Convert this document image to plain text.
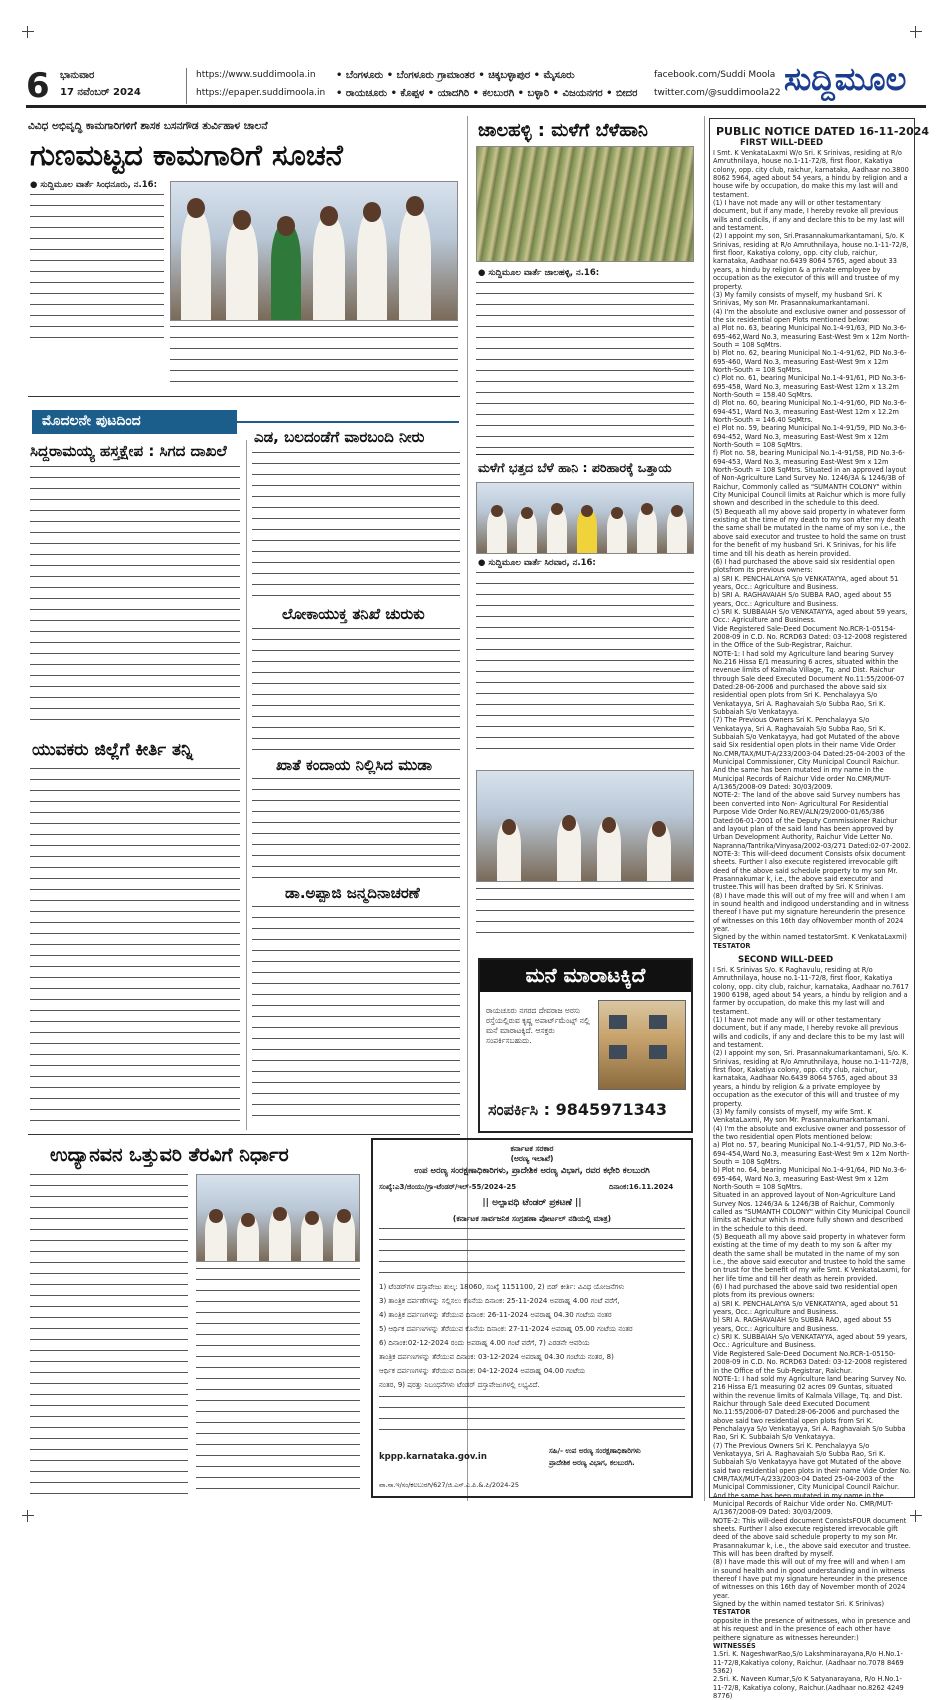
6 ಭಾನುವಾರ
17 ನವೆಂಬರ್ 2024
https://www.suddimoola.in
https://epaper.suddimoola.in
• ಬೆಂಗಳೂರು • ಬೆಂಗಳೂರು ಗ್ರಾಮಾಂತರ • ಚಿಕ್ಕಬಳ್ಳಾಪುರ • ಮೈಸೂರು
• ರಾಯಚೂರು • ಕೊಪ್ಪಳ • ಯಾದಗಿರಿ • ಕಲಬುರಗಿ • ಬಳ್ಳಾರಿ • ವಿಜಯನಗರ • ಬೀದರ
facebook.com/Suddi Moola
twitter.com/@suddimoola22 ಸುದ್ದಿಮೂಲ
ವಿವಿಧ ಅಭಿವೃದ್ಧಿ ಕಾಮಗಾರಿಗಳಿಗೆ ಶಾಸಕ ಬಸನಗೌಡ ತುರ್ವಿಹಾಳ ಚಾಲನೆ
ಗುಣಮಟ್ಟದ ಕಾಮಗಾರಿಗೆ ಸೂಚನೆ
● ಸುದ್ದಿಮೂಲ ವಾರ್ತೆ ಸಿಂಧನೂರು, ನ.16:
ಮೊದಲನೇ ಪುಟದಿಂದ
ಸಿದ್ದರಾಮಯ್ಯ ಹಸ್ತಕ್ಷೇಪ : ಸಿಗದ ದಾಖಲೆ
ಯುವಕರು ಜಿಲ್ಲೆಗೆ ಕೀರ್ತಿ ತನ್ನಿ
ಎಡ, ಬಲದಂಡೆಗೆ ವಾರಬಂದಿ ನೀರು
ಲೋಕಾಯುಕ್ತ ತನಿಖೆ ಚುರುಕು
ಖಾತೆ ಕಂದಾಯ ನಿಲ್ಲಿಸಿದ ಮುಡಾ
ಡಾ.ಅಪ್ಪಾಜಿ ಜನ್ಮದಿನಾಚರಣೆ
ಉದ್ಯಾನವನ ಒತ್ತುವರಿ ತೆರವಿಗೆ ನಿರ್ಧಾರ
ಜಾಲಹಳ್ಳಿ : ಮಳೆಗೆ ಬೆಳೆಹಾನಿ
● ಸುದ್ದಿಮೂಲ ವಾರ್ತೆ ಜಾಲಹಳ್ಳಿ, ನ.16:
ಮಳೆಗೆ ಭತ್ತದ ಬೆಳೆ ಹಾನಿ : ಪರಿಹಾರಕ್ಕೆ ಒತ್ತಾಯ
● ಸುದ್ದಿಮೂಲ ವಾರ್ತೆ ಸಿರವಾರ, ನ.16:
ಮನೆ ಮಾರಾಟಕ್ಕಿದೆ
ರಾಯಚೂರು ನಗರದ ದೇವರಾಜ ಅರಸು ರಸ್ತೆಯಲ್ಲಿರುವ ಕೃಷ್ಣ ಅಪಾರ್ಟ್‌ಮೆಂಟ್ಸ್ ನಲ್ಲಿ ಮನೆ ಮಾರಾಟಕ್ಕಿದೆ. ಆಸಕ್ತರು ಸಂಪರ್ಕಿಸಬಹುದು.
ಸಂಪರ್ಕಿಸಿ : 9845971343
ಕರ್ನಾಟಕ ಸರಕಾರ
(ಅರಣ್ಯ ಇಲಾಖೆ)
ಉಪ ಅರಣ್ಯ ಸಂರಕ್ಷಣಾಧಿಕಾರಿಗಳು, ಪ್ರಾದೇಶಿಕ ಅರಣ್ಯ ವಿಭಾಗ, ರವರ ಕಛೇರಿ ಕಲಬುರಗಿ
ಸಂಖ್ಯೆ:ಎ3/ಜಿಂಯು/ಗ್ರಾ-ಟೆಂಡರ್/ಇಲ್-55/2024-25	ದಿನಾಂಕ:16.11.2024
|| ಅಲ್ಪಾವಧಿ ಟೆಂಡರ್ ಪ್ರಕಟಣೆ ||
(ಕರ್ನಾಟಕ ಸಾರ್ವಜನಿಕ ಸಂಗ್ರಹಣಾ ಪೋರ್ಟಲ್ ನಡಿಯಲ್ಲಿ ಮಾತ್ರ)
1) ಟೆಂಡರ್‌ಗಳ ದಸ್ತಾವೇಜು ಶುಲ್ಕ: 18060, ಸಂಖ್ಯೆ 1151100, 2) ಬಿಡ್ ಕೀರ್ತಿ: ವಿವಿಧ ಯೋಜನೆಗಳು
3) ತಾಂತ್ರಿಕ ದರ್ಪಣೆಗಳನ್ನು ಸಲ್ಲಿಸಲು ಕೊನೆಯ ದಿನಾಂಕ: 25-11-2024 ಅಪರಾಹ್ನ 4.00 ಗಂಟೆ ವರೆಗೆ,
4) ತಾಂತ್ರಿಕ ದರ್ಪಣಗಳನ್ನು ತೆರೆಯುವ ದಿನಾಂಕ: 26-11-2024 ಅಪರಾಹ್ನ 04.30 ಗಂಟೆಯ ನಂತರ
5) ಆರ್ಥಿಕ ದರ್ಪಣಗಳನ್ನು ತೆರೆಯುವ ಕೊನೆಯ ದಿನಾಂಕ: 27-11-2024 ಅಪರಾಹ್ನ 05.00 ಗಂಟೆಯ ನಂತರ
6) ದಿನಾಂಕ:02-12-2024 ರಂದು ಅಪರಾಹ್ನ 4.00 ಗಂಟೆ ವರೆಗೆ, 7) ಎರಡನೇ ಆವರಿಯ
ತಾಂತ್ರಿಕ ದರ್ಪಣಗಳನ್ನು ತೆರೆಯುವ ದಿನಾಂಕ: 03-12-2024 ಅಪರಾಹ್ನ 04.30 ಗಂಟೆಯ ನಂತರ, 8)
ಆರ್ಥಿಕ ದರ್ಪಣಗಳನ್ನು ತೆರೆಯುವ ದಿನಾಂಕ: 04-12-2024 ಅಪರಾಹ್ನ 04.00 ಗಂಟೆಯ
ನಂತರ, 9) ಷರತ್ತು ನಿಬಂಧನೆಗಳು ಟೆಂಡರ್ ದಸ್ತಾವೇಜುಗಳಲ್ಲಿ ಲಭ್ಯವಿದೆ.
kppp.karnataka.gov.in
ಸಹಿ/- ಉಪ ಅರಣ್ಯ ಸಂರಕ್ಷಣಾಧಿಕಾರಿಗಳು
ಪ್ರಾದೇಶಿಕ ಅರಣ್ಯ ವಿಭಾಗ, ಕಲಬುರಗಿ.
ವಾ.ಸಾ.ಇ/ಸಂ/ಕಲಬುರಗಿ/627/ಜಿ.ಎಸ್.ಎ.ಪಿ.&.ಪಿ/2024-25
PUBLIC NOTICE DATED 16-11-2024
FIRST WILL-DEED

I Smt. K VenkataLaxmi W/o Sri. K Srinivas, residing at R/o Amruthnilaya, house no.1-11-72/8, first floor, Kakatiya colony, opp. city club, raichur, karnataka, Aadhaar no.3800 8062 5964, aged about 54 years, a hindu by religion and a house wife by occupation, do make this my last will and testament.

(1) I have not made any will or other testamentary document, but if any made, I hereby revoke all previous wills and codicils, if any and declare this to be my last will and testament.

(2) I appoint my son, Sri.Prasannakumarkantamani, S/o. K Srinivas, residing at R/o Amruthnilaya, house no.1-11-72/8, first floor, Kakatiya colony, opp. city club, raichur, karnataka, Aadhaar no.6439 8064 5765, aged about 33 years, a hindu by religion & a private employee by occupation as the executor of this will and trustee of my property.

(3) My family consists of myself, my husband Sri. K Srinivas, My son Mr. Prasannakumarkantamani.

(4) I'm the absolute and exclusive owner and possessor of the six residential open Plots mentioned below:

a) Plot no. 63, bearing Municipal No.1-4-91/63, PID No.3-6-695-462,Ward No.3, measuring East-West 9m x 12m North-South = 108 SqMtrs.

b) Plot no. 62, bearing Municipal No.1-4-91/62, PID No.3-6-695-460, Ward No.3, measuring East-West 9m x 12m North-South = 108 SqMtrs.

c) Plot no. 61, bearing Municipal No.1-4-91/61, PID No.3-6-695-458, Ward No.3, measuring East-West 12m x 13.2m North-South = 158.40 SqMtrs.

d) Plot no. 60, bearing Municipal No.1-4-91/60, PID No.3-6-694-451, Ward No.3, measuring East-West 12m x 12.2m North-South = 146.40 SqMtrs.

e) Plot no. 59, bearing Municipal No.1-4-91/59, PID No.3-6-694-452, Ward No.3, measuring East-West 9m x 12m North-South = 108 SqMtrs.

f) Plot no. 58, bearing Municipal No.1-4-91/58, PID No.3-6-694-453, Ward No.3, measuring East-West 9m x 12m North-South = 108 SqMtrs. Situated in an approved layout of Non-Agriculture Land Survey No. 1246/3A & 1246/3B of Raichur, Commonly called as "SUMANTH COLONY" within City Municipal Council limits at Raichur which is more fully shown and described in the schedule to this deed.

(5) Bequeath all my above said property in whatever form existing at the time of my death to my son after my death the same shall be mutated in the name of my son i.e., the above said executor and trustee to hold the same on trust for the benefit of my husband Sri. K Srinivas, for his life time and till his death as herein provided.

(6) I had purchased the above said six residential open plotsfrom its previous owners:

a) SRI K. PENCHALAYYA S/o VENKATAYYA, aged about 51 years, Occ.: Agriculture and Business.

b) SRI A. RAGHAVAIAH S/o SUBBA RAO, aged about 55 years, Occ.: Agriculture and Business.

c) SRI K. SUBBAIAH S/o VENKATAYYA, aged about 59 years, Occ.: Agriculture and Business.

Vide Registered Sale-Deed Document No.RCR-1-05154-2008-09 in C.D. No. RCRD63 Dated: 03-12-2008 registered in the Office of the Sub-Registrar, Raichur.

NOTE-1: I had sold my Agriculture land bearing Survey No.216 Hissa E/1 measuring 6 acres, situated within the revenue limits of Kalmala Village, Tq. and Dist. Raichur through Sale deed Executed Document No.11:55/2006-07 Dated:28-06-2006 and purchased the above said six residential open plots from Sri K. Penchalayya S/o Venkatayya, Sri A. Raghavaiah S/o Subba Rao, Sri K. Subbaiah S/o Venkatayya.

(7) The Previous Owners Sri K. Penchalayya S/o Venkatayya, Sri A. Raghavaiah S/o Subba Rao, Sri K. Subbaiah S/o Venkatayya, had got Mutated of the above said Six residential open plots in their name Vide Order No.CMR/TAX/MUT-A/233/2003-04 Dated:25-04-2003 of the Municipal Commissioner, City Municipal Council Raichur. And the same has been mutated in my name in the Municipal Records of Raichur Vide order No.CMR/MUT-A/1365/2008-09 Dated: 30/03/2009.

NOTE-2: The land of the above said Survey numbers has been converted into Non- Agricultural For Residential Purpose Vide Order No.REV/ALN/29/2000-01/65/386 Dated:06-01-2001 of the Deputy Commissioner Raichur and layout plan of the said land has been approved by Urban Development Authority, Raichur Vide Letter No. Napranna/Tantrika/Vinyasa/2002-03/271 Dated:02-07-2002.

NOTE-3: This will-deed document Consists ofsix document sheets. Further I also execute registered irrevocable gift deed of the above said schedule property to my son Mr. Prasannakumar k, i.e., the above said executor and trustee.This will has been drafted by Sri. K Srinivas.

(8) I have made this will out of my free will and when I am in sound health and indigood understanding and in witness thereof I have put my signature hereunderin the presence of witnesses on this 16th day ofNovember month of 2024 year.

Signed by the within named testatorSmt. K VenkataLaxmi)

TESTATOR

SECOND WILL-DEED

I Sri. K Srinivas S/o. K Raghavulu, residing at R/o Amruthnilaya, house no.1-11-72/8, first floor, Kakatiya colony, opp. city club, raichur, karnataka, Aadhaar no.7617 1900 6198, aged about 54 years, a hindu by religion and a farmer by occupation, do make this my last will and testament.

(1) I have not made any will or other testamentary document, but if any made, I hereby revoke all previous wills and codicils, if any and declare this to be my last will and testament.

(2) I appoint my son, Sri. Prasannakumarkantamani, S/o. K. Srinivas, residing at R/o Amruthnilaya, house no.1-11-72/8, first floor, Kakatiya colony, opp. city club, raichur, karnataka, Aadhaar No.6439 8064 5765, aged about 33 years, a hindu by religion & a private employee by occupation as the executor of this will and trustee of my property.

(3) My family consists of myself, my wife Smt. K VenkataLaxmi, My son Mr. Prasannakumarkantamani.

(4) I'm the absolute and exclusive owner and possessor of the two residential open Plots mentioned below:

a) Plot no. 57, bearing Municipal No.1-4-91/57, PID No.3-6-694-454,Ward No.3, measuring East-West 9m x 12m North-South = 108 SqMtrs.

b) Plot no. 64, bearing Municipal No.1-4-91/64, PID No.3-6-695-464, Ward No.3, measuring East-West 9m x 12m North-South = 108 SqMtrs.

Situated in an approved layout of Non-Agriculture Land Survey Nos. 1246/3A & 1246/3B of Raichur, Commonly called as "SUMANTH COLONY" within City Municipal Council limits at Raichur which is more fully shown and described in the schedule to this deed.

(5) Bequeath all my above said property in whatever form existing at the time of my death to my son & after my death the same shall be mutated in the name of my son i.e., the above said executor and trustee to hold the same on trust for the benefit of my wife Smt. K VenkataLaxmi, for her life time and till her death as herein provided.

(6) I had purchased the above said two residential open plots from its previous owners:

a) SRI K. PENCHALAYYA S/o VENKATAYYA, aged about 51 years, Occ.: Agriculture and Business.

b) SRI A. RAGHAVAIAH S/o SUBBA RAO, aged about 55 years, Occ.: Agriculture and Business.

c) SRI K. SUBBAIAH S/o VENKATAYYA, aged about 59 years, Occ.: Agriculture and Business.

Vide Registered Sale-Deed Document No.RCR-1-05150-2008-09 in C.D. No. RCRD63 Dated: 03-12-2008 registered in the Office of the Sub-Registrar, Raichur.

NOTE-1: I had sold my Agriculture land bearing Survey No. 216 Hissa E/1 measuring 02 acres 09 Guntas, situated within the revenue limits of Kalmala Village, Tq. and Dist. Raichur through Sale deed Executed Document No.11:55/2006-07 Dated:28-06-2006 and purchased the above said two residential open plots from Sri K. Penchalayya S/o Venkatayya, Sri A. Raghavaiah S/o Subba Rao, Sri K. Subbaiah S/o Venkatayya.

(7) The Previous Owners Sri K. Penchalayya S/o Venkatayya, Sri A. Raghavaiah S/o Subba Rao, Sri K. Subbaiah S/o Venkatayya have got Mutated of the above said two residential open plots in their name Vide Order No. CMR/TAX/MUT-A/233/2003-04 Dated 25-04-2003 of the Municipal Commissioner, City Municipal Council Raichur. And the same has been mutated in my name in the Municipal Records of Raichur Vide order No. CMR/MUT-A/1367/2008-09 Dated: 30/03/2009.

NOTE-2: This will-deed document ConsistsFOUR document sheets. Further I also execute registered irrevocable gift deed of the above said schedule property to my son Mr. Prasannakumar k, i.e., the above said executor and trustee. This will has been drafted by myself.

(8) I have made this will out of my free will and when I am in sound health and in good understanding and in witness thereof I have put my signature hereunder in the presence of witnesses on this 16th day of November month of 2024 year.

Signed by the within named testator Sri. K Srinivas)

TESTATOR

opposite in the presence of witnesses, who in presence and at his request and in the presence of each other have peithere signature as witnesses hereunder:)

WITNESSES

1.Sri. K. NageshwarRao,S/o Lakshminarayana,R/o H.No.1-11-72/8,Kakatiya colony, Raichur. (Aadhaar no.7078 8469 5362)

2.Sri. K. Naveen Kumar,S/o K Satyanarayana, R/o H.No.1-11-72/8, Kakatiya colony, Raichur.(Aadhaar no.8262 4249 8776)
